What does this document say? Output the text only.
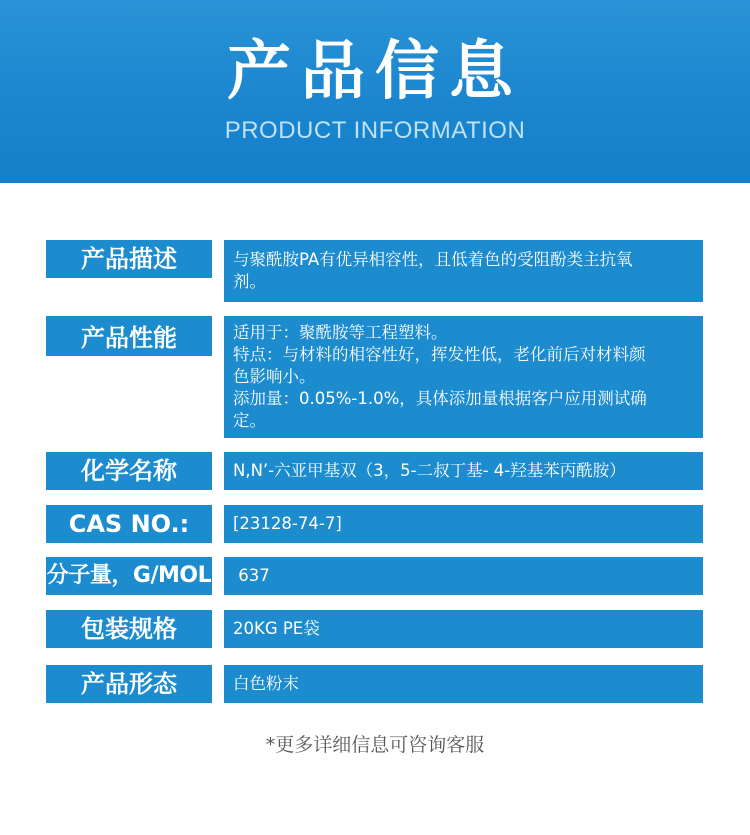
产品信息
PRODUCT INFORMATION
产品描述	与聚酰胺PA有优异相容性，且低着色的受阻酚类主抗氧
剂。
产品性能	适用于：聚酰胺等工程塑料。
特点：与材料的相容性好，挥发性低，老化前后对材料颜
色影响小。
添加量：0.05%-1.0%，具体添加量根据客户应用测试确
定。
化学名称	N,N’-六亚甲基双（3，5-二叔丁基- 4-羟基苯丙酰胺）
CAS NO.:	[23128-74-7]
分子量，G/MOL 637
包装规格	20KG PE袋
产品形态	白色粉末
*更多详细信息可咨询客服
